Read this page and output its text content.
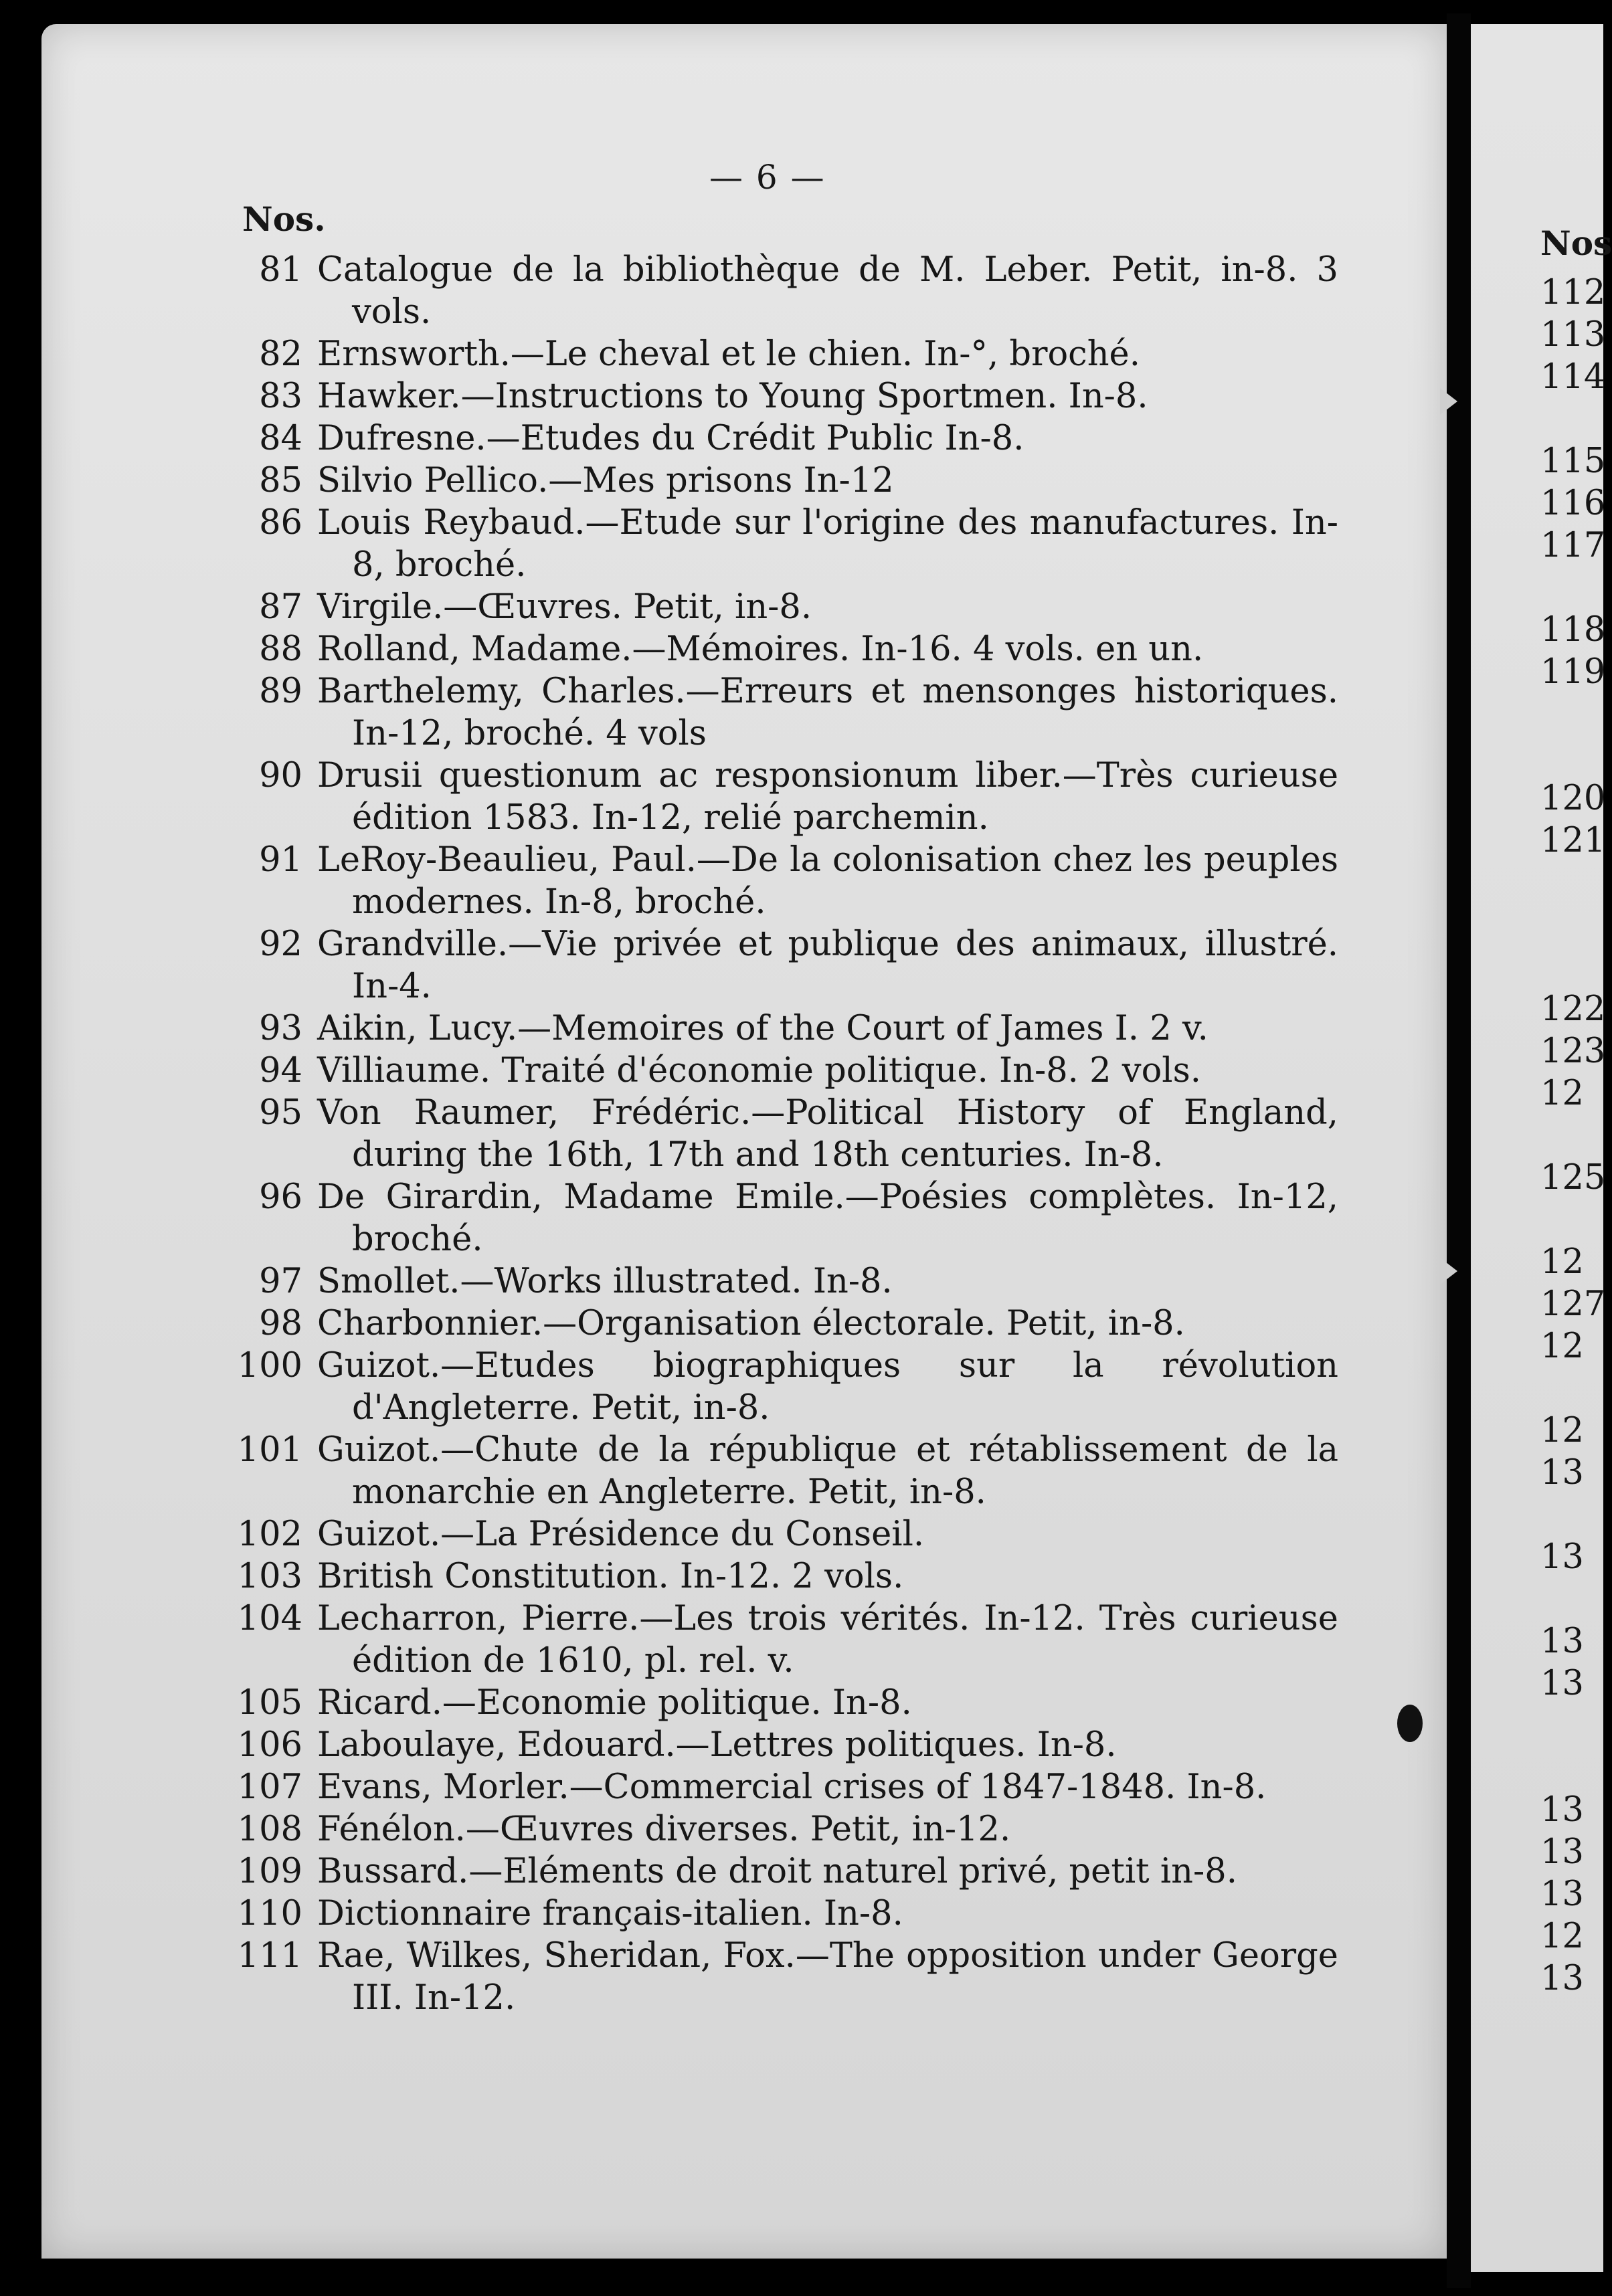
— 6 —
Nos.
81 Catalogue de la bibliothèque de M. Leber. Petit, in-8. 3 vols.
82 Ernsworth.—Le cheval et le chien. In-°, broché.
83 Hawker.—Instructions to Young Sportmen. In-8.
84 Dufresne.—Etudes du Crédit Public In-8.
85 Silvio Pellico.—Mes prisons In-12
86 Louis Reybaud.—Etude sur l'origine des manufactures. In-8, broché.
87 Virgile.—Œuvres. Petit, in-8.
88 Rolland, Madame.—Mémoires. In-16. 4 vols. en un.
89 Barthelemy, Charles.—Erreurs et mensonges historiques. In-12, broché. 4 vols
90 Drusii questionum ac responsionum liber.—Très curieuse édition 1583. In-12, relié parchemin.
91 LeRoy-Beaulieu, Paul.—De la colonisation chez les peuples modernes. In-8, broché.
92 Grandville.—Vie privée et publique des animaux, illustré. In-4.
93 Aikin, Lucy.—Memoires of the Court of James I. 2 v.
94 Villiaume. Traité d'économie politique. In-8. 2 vols.
95 Von Raumer, Frédéric.—Political History of England, during the 16th, 17th and 18th centuries. In-8.
96 De Girardin, Madame Emile.—Poésies complètes. In-12, broché.
97 Smollet.—Works illustrated. In-8.
98 Charbonnier.—Organisation électorale. Petit, in-8.
100 Guizot.—Etudes biographiques sur la révolution d'Angleterre. Petit, in-8.
101 Guizot.—Chute de la république et rétablissement de la monarchie en Angleterre. Petit, in-8.
102 Guizot.—La Présidence du Conseil.
103 British Constitution. In-12. 2 vols.
104 Lecharron, Pierre.—Les trois vérités. In-12. Très curieuse édition de 1610, pl. rel. v.
105 Ricard.—Economie politique. In-8.
106 Laboulaye, Edouard.—Lettres politiques. In-8.
107 Evans, Morler.—Commercial crises of 1847-1848. In-8.
108 Fénélon.—Œuvres diverses. Petit, in-12.
109 Bussard.—Eléments de droit naturel privé, petit in-8.
110 Dictionnaire français-italien. In-8.
111 Rae, Wilkes, Sheridan, Fox.—The opposition under George III. In-12.
Nos
112
113
114
115
116
117
118
119
120
121
122
123
12
125
12
127
12
12
13
13
13
13
13
13
13
12
13
